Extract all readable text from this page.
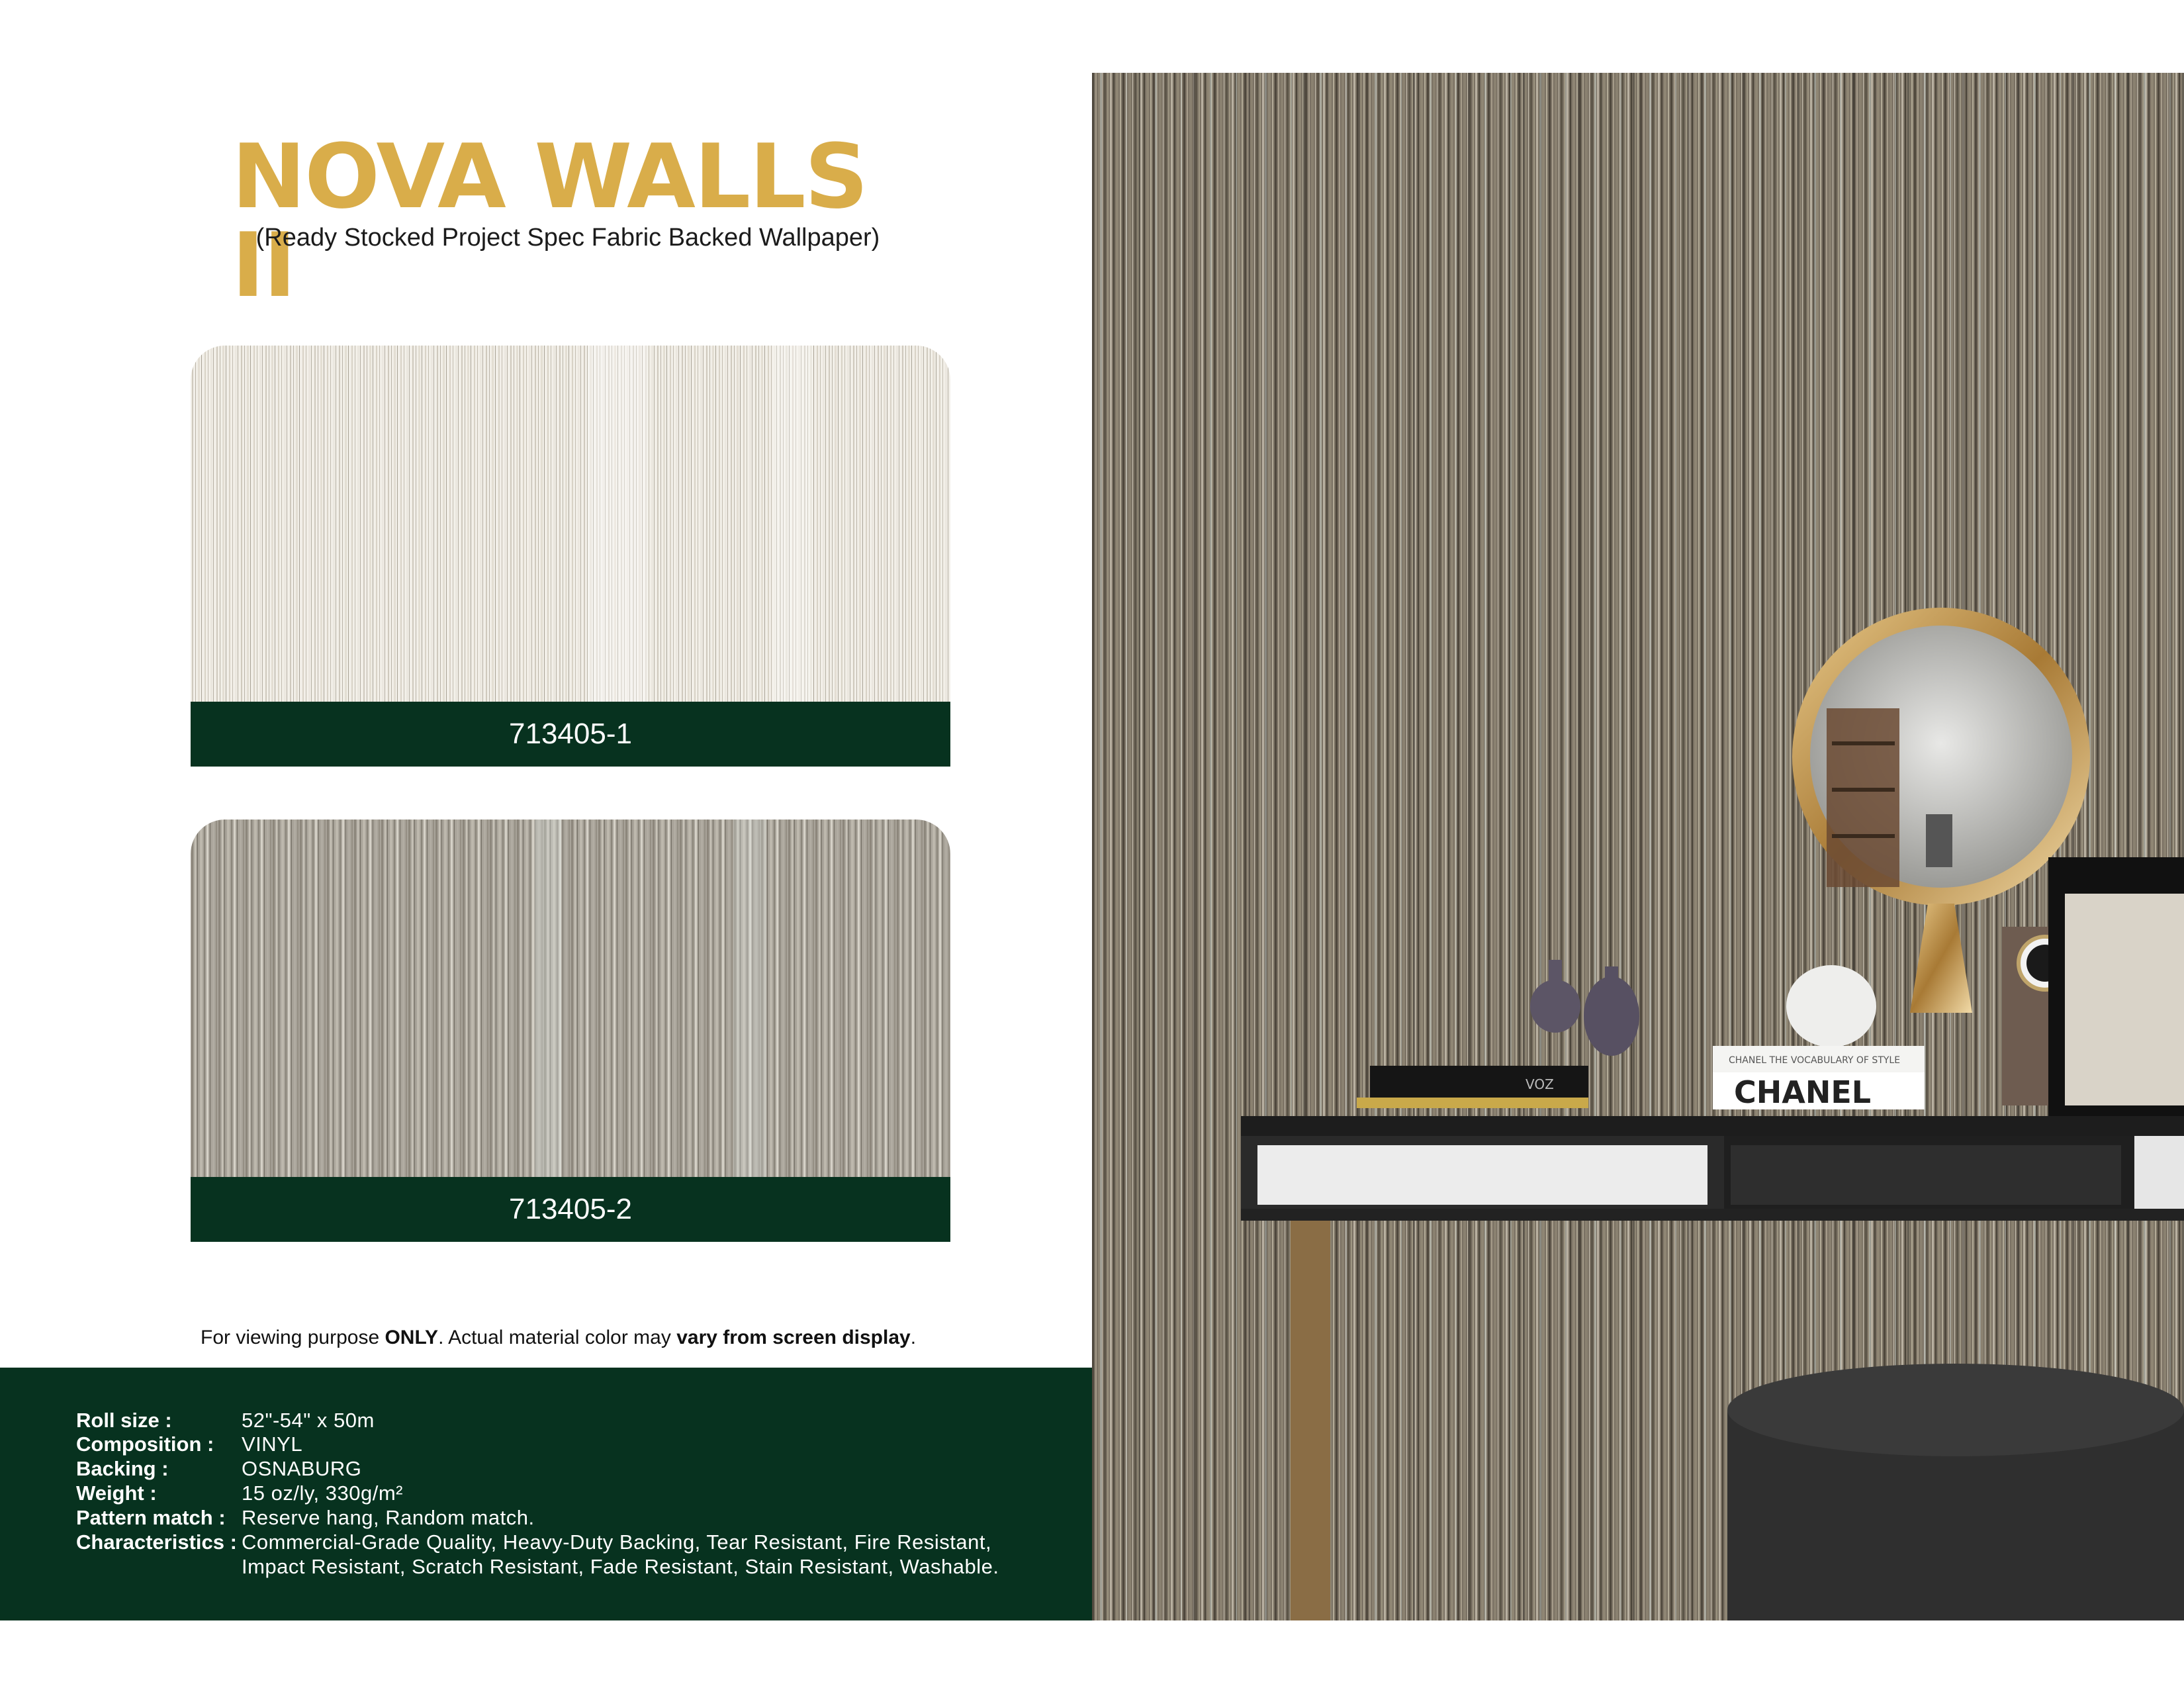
NOVA WALLS II
(Ready Stocked Project Spec Fabric Backed Wallpaper)
713405-1
713405-2
For viewing purpose ONLY. Actual material color may vary from screen display.
Roll size :	52"-54" x 50m
Composition : VINYL
Backing :	OSNABURG
Weight :	15 oz/ly, 330g/m²
Pattern match : Reserve hang, Random match.
Characteristics : Commercial-Grade Quality, Heavy-Duty Backing, Tear Resistant, Fire Resistant,
Impact Resistant, Scratch Resistant, Fade Resistant, Stain Resistant, Washable.
VOZ
CHANEL THE VOCABULARY OF STYLE
CHANEL
